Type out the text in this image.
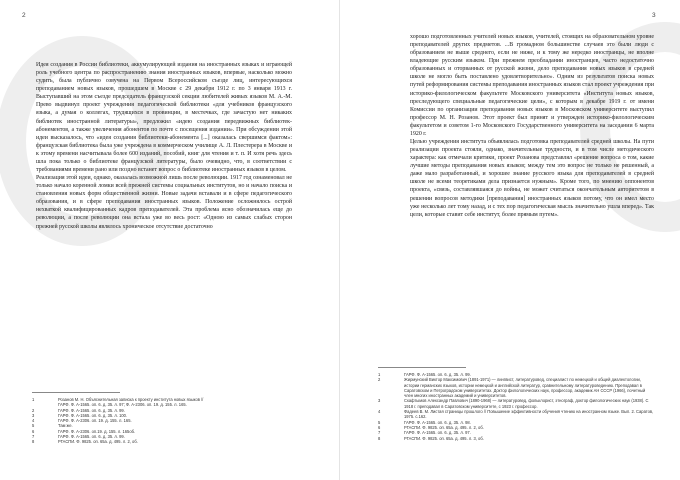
2

Идея создания в России библиотеки, аккумулирующей издания на иностранных языках и играющей роль учебного центра по распространению знания иностранных языков, впервые, насколько можно судить, была публично озвучена на Первом Всероссийском съезде лиц, интересующихся преподаванием новых языков, прошедшем в Москве с 29 декабря 1912 г. по 3 января 1913 г. Выступавший на этом съезде председатель французской секции любителей живых языков М. А.-М. Прево выдвинул проект учреждения педагогической библиотеки «для учебников французского языка, а думая о коллегах, трудящихся в провинции, в местечках, где зачастую нет никаких библиотек иностранной литературы», предложил «идею создания передвижных библиотек-абонементов, а также увеличения абонентов по почте с посещения издании». При обсуждении этой идеи высказалось, что «идея создания библиотеки-абонемента [...] оказалась свершимся фактом»: французская библиотека была уже учреждена в коммерческом училище А. Л. Плестерера в Москве и к этому времени насчитывала более 600 изданий, пособий, книг для чтения и т. п. И хотя речь здесь шла пока только о библиотеке французской литературы, было очевидно, что, в соответствии с требованиями времени рано или поздно встанет вопрос о библиотеке иностранных языков в целом.

Реализация этой идеи, однако, оказалась возможной лишь после революции. 1917 год ознаменовал не только начало коренной ломки всей прежней системы социальных институтов, но и начало поиска и становления новых форм общественной жизни. Новые задачи вставали и в сфере педагогического образования, и в сфере преподавания иностранных языков. Положение осложнялось острой нехваткой квалифицированных кадров преподавателей. Эта проблема ясно обозначилась еще до революции, а после революции она встала уже во весь рост: «Одною из самых слабых сторон прежней русской школы являлось хроническое отсутствие достаточно

1	Розанов М. Н. Объяснительная записка к проекту института новых языков //
ГАРФ. Ф. А-1565. оп. 6. д. 35. л. 97; Ф. А-2306. оп. 19. д. 155. л. 165.
2	ГАРФ. Ф. А-1565. оп. 6. д. 35. л. 99.
3	ГАРФ. Ф. А-1565. оп. 6. д. 35. л. 100.
4	ГАРФ. Ф. А-2306. оп. 19. д. 155. л. 165.
5	Там же.
6	ГАРФ. Ф. А-2306. оп.19. д. 155. л. 165об.
7	ГАРФ. Ф. А-1565. оп. 6. д. 35. л. 99.
8	РГАСПИ. Ф. 9825. оп. 65а. д. 495. л. 2, об.
3

хорошо подготовленных учителей новых языков, учителей, стоящих на образовательном уровне преподавателей других предметов. ...В громадном большинстве случаев это были люди с образованием не выше среднего, если не ниже, и к тому же нередко иностранцы, не вполне владеющие русским языком. При прежнем преобладании иностранцев, часто недостаточно образованных и оторванных от русской жизни, дело преподавания новых языков в средней школе не могло быть поставлено удовлетворительно». Одним из результатов поиска новых путей реформирования системы преподавания иностранных языков стал проект учреждения при историко-филологическом факультете Московского университета «Института новых языков, преследующего специальные педагогические цели», с которым в декабре 1919 г. от имени Комиссии по организации преподавания новых языков в Московском университете выступил профессор М. Н. Розанов. Этот проект был принят и утвержден историко-филологическим факультетом и советом 1-го Московского Государственного университета на заседании 6 марта 1920 г.

Целью учреждения института объявлялась подготовка преподавателей средней школы. На пути реализации проекта стояли, однако, значительные трудности, и в том числе методического характера: как отмечали критики, проект Розанова представлял «решение вопроса о том, какие лучшие методы преподавания новых языков; между тем это вопрос не только не решенный, а даже мало разработанный, и хорошее знание русского языка для преподавателей в средней школе не всеми теоретиками дела признается нужным». Кроме того, по мнению оппонентов проекта, «связь, составлявшаяся до войны, не может считаться окончательным авторитетом в решении вопросов методики [преподавания] иностранных языков потому, что он имел место уже несколько лет тому назад, и с тех пор педагогическая мысль значительно ушла вперед». Так цели, которые ставит себе институт, более прямым путем».

1	ГАРФ. Ф. А-1565. оп. 6. д. 35. л. 99.
2	Жирмунский Виктор Максимович (1891-1971) — лингвист, литературовед, специалист по немецкой и общей диалектологии, истории германских языков, истории немецкой и английской литератур, сравнительному литературоведению. Преподавал в Саратовском и Петроградском университетах. Доктор филологических наук, профессор, академик АН СССР (1966), почетный член многих иностранных академий и университетов.
3	Скафтымов Александр Павлович (1890-1968) — литературовед, фольклорист, этнограф, доктор филологических наук (1938). С 1918 г. преподавал в Саратовском университете, с 1923 г. профессор.
4	Фадеев В. М. Листая страницы прошлого // Повышение эффективности обучения чтению на иностранном языке. Вып. 2. Саратов, 1975. с.162.
5	ГАРФ. Ф. А-1565. оп. 6. д. 35. л. 98.
6	РГАСПИ. Ф. 9825. оп. 65а. д. 495. л. 2, об.
7	ГАРФ. Ф. А-1565. оп. 6. д. 35. л. 97.
8	РГАСПИ. Ф. 9825. оп. 65а. д. 495. л. 3, об.
